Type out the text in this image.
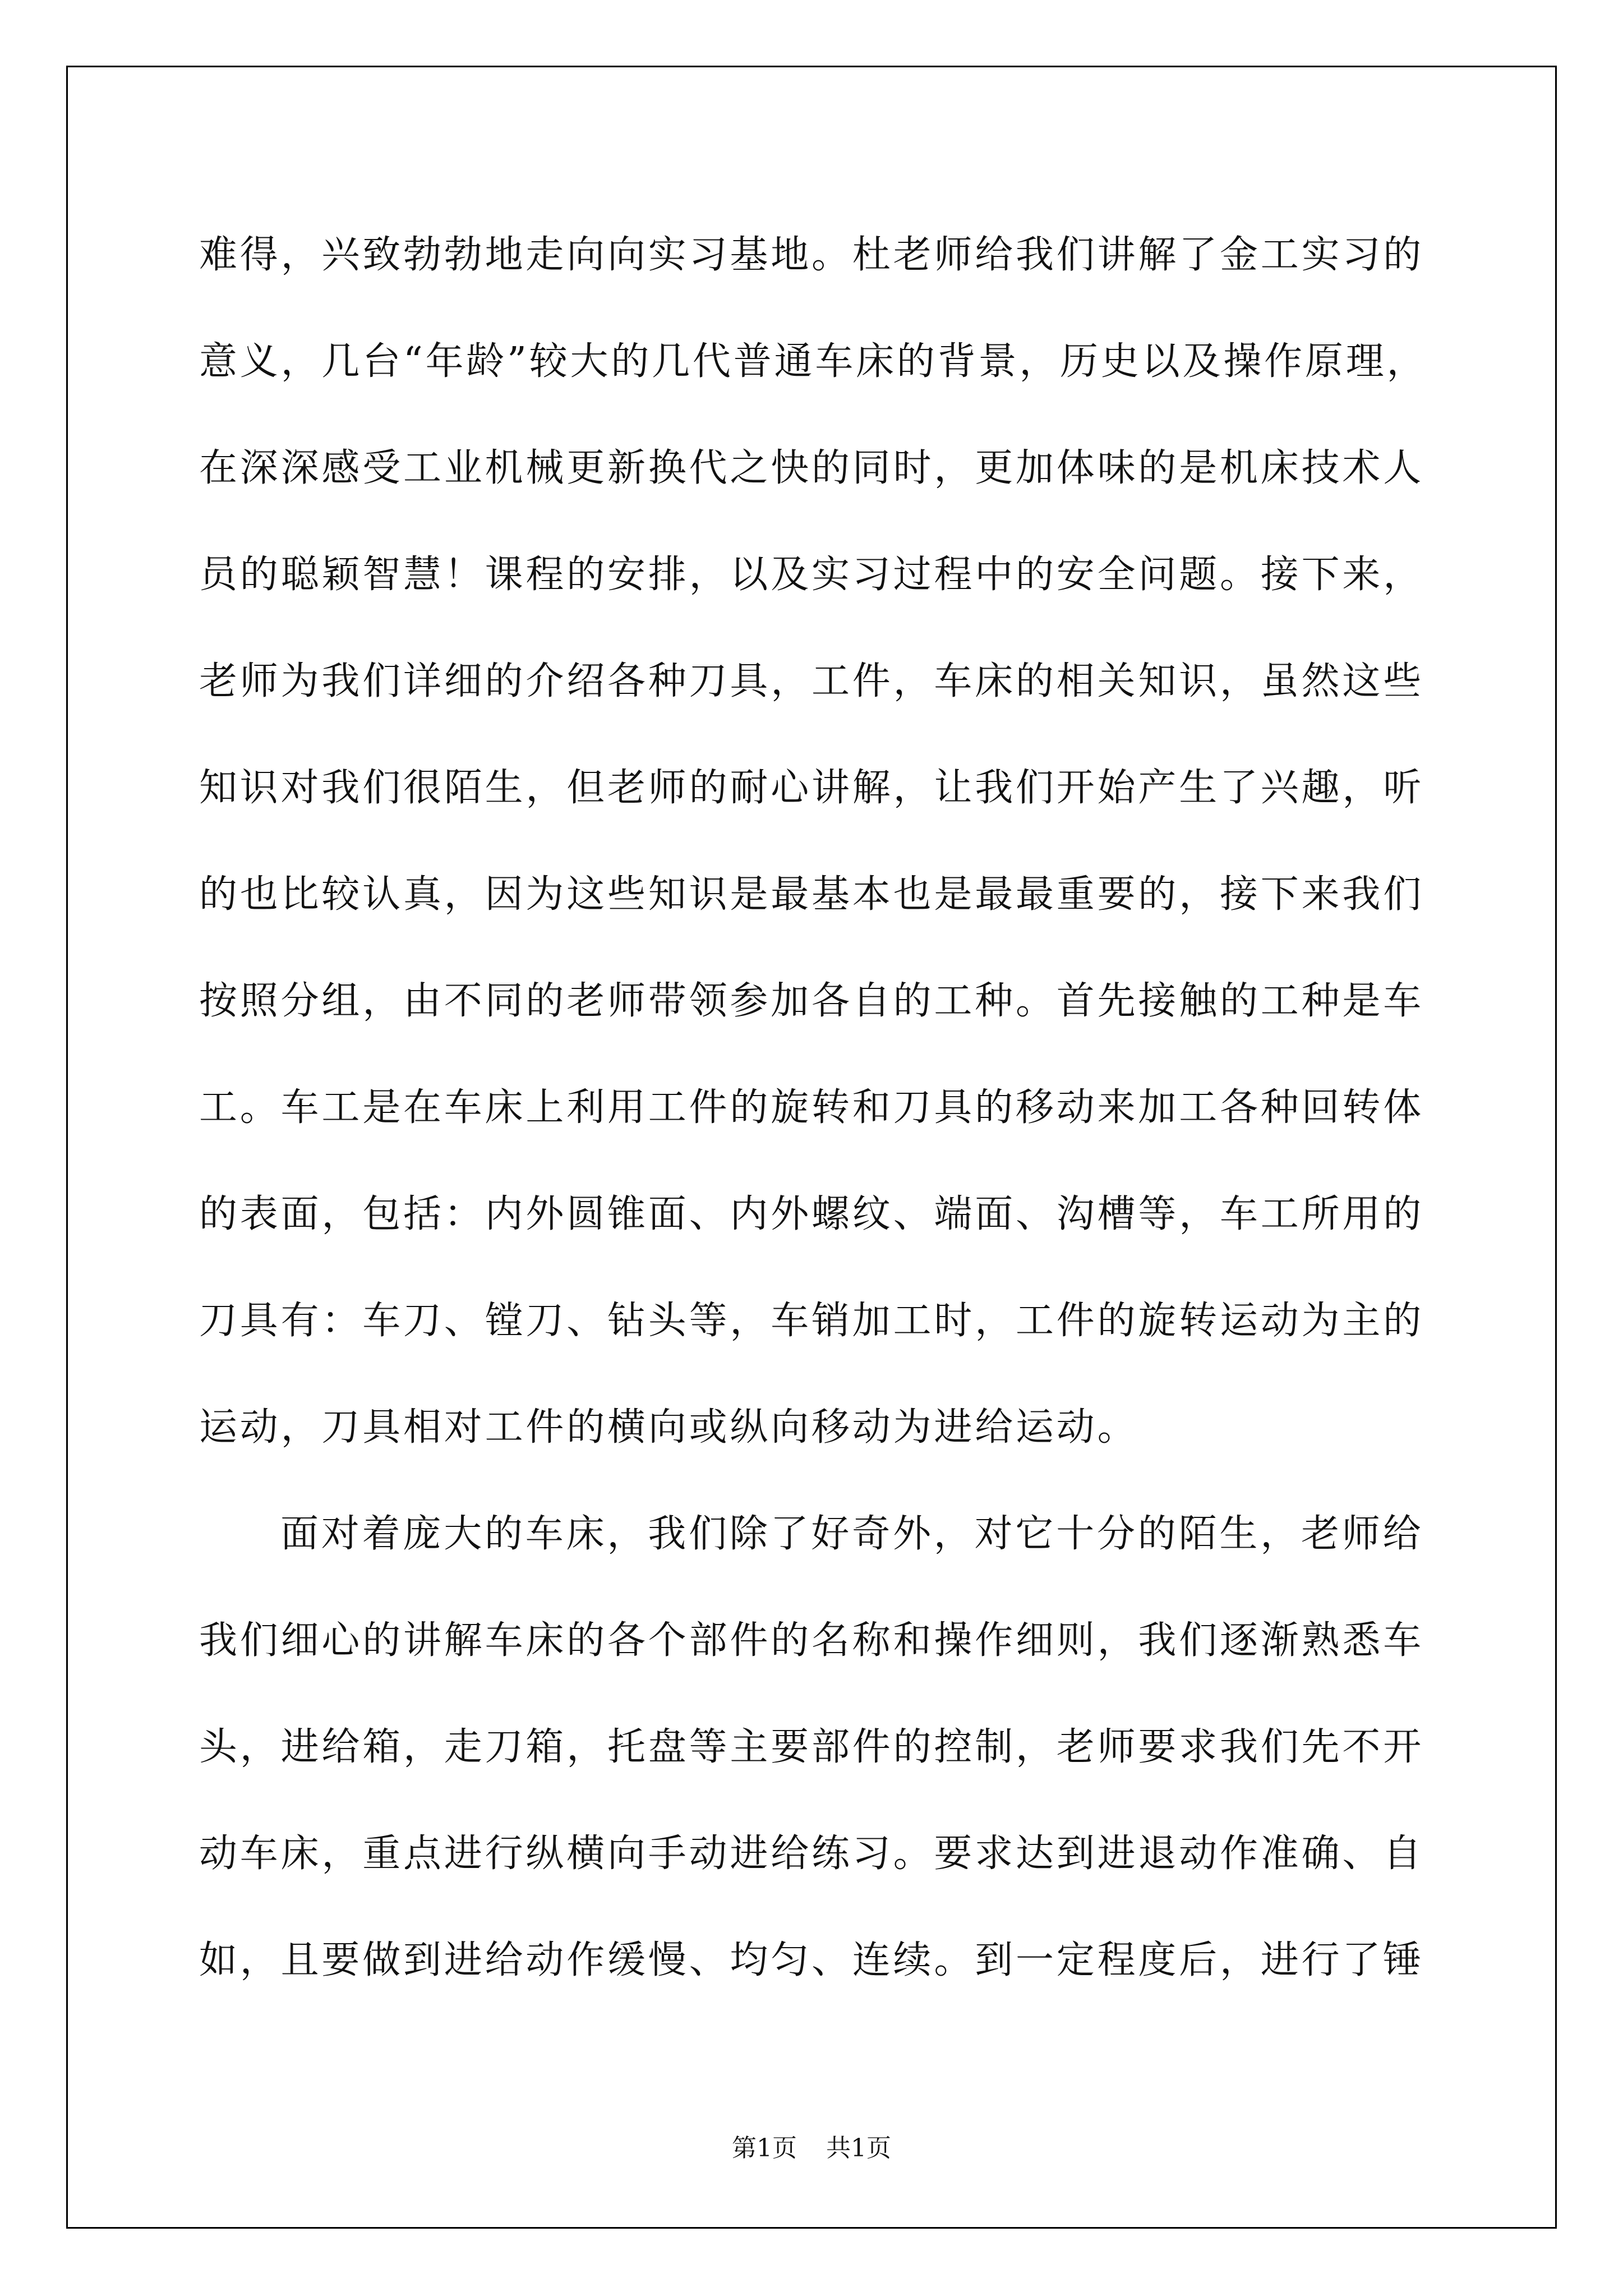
难得，兴致勃勃地走向向实习基地。杜老师给我们讲解了金工实习的
意义，几台“年龄”较大的几代普通车床的背景，历史以及操作原理，
在深深感受工业机械更新换代之快的同时，更加体味的是机床技术人
员的聪颖智慧！课程的安排，以及实习过程中的安全问题。接下来，
老师为我们详细的介绍各种刀具，工件，车床的相关知识，虽然这些
知识对我们很陌生，但老师的耐心讲解，让我们开始产生了兴趣，听
的也比较认真，因为这些知识是最基本也是最最重要的，接下来我们
按照分组，由不同的老师带领参加各自的工种。首先接触的工种是车
工。车工是在车床上利用工件的旋转和刀具的移动来加工各种回转体
的表面，包括：内外圆锥面、内外螺纹、端面、沟槽等，车工所用的
刀具有：车刀、镗刀、钻头等，车销加工时，工件的旋转运动为主的
运动，刀具相对工件的横向或纵向移动为进给运动。
面对着庞大的车床，我们除了好奇外，对它十分的陌生，老师给
我们细心的讲解车床的各个部件的名称和操作细则，我们逐渐熟悉车
头，进给箱，走刀箱，托盘等主要部件的控制，老师要求我们先不开
动车床，重点进行纵横向手动进给练习。要求达到进退动作准确、自
如，且要做到进给动作缓慢、均匀、连续。到一定程度后，进行了锤
第1页 共1页
